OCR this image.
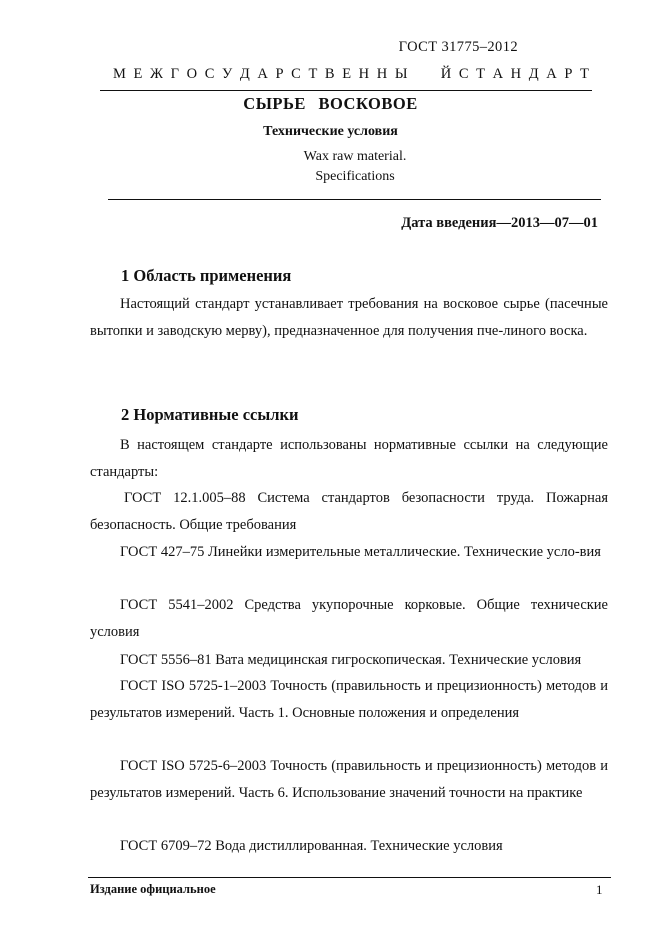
ГОСТ 31775–2012
М Е Ж Г О С У Д А Р С Т В Е Н Н Ы Й С Т А Н Д А Р Т
СЫРЬЕ ВОСКОВОЕ
Технические условия
Wax raw material.
Specifications
Дата введения—2013—07—01
1 Область применения
Настоящий стандарт устанавливает требования на восковое сырье (пасечные вытопки и заводскую мерву), предназначенное для получения пче-линого воска.
2 Нормативные ссылки
В настоящем стандарте использованы нормативные ссылки на следующие стандарты:
ГОСТ 12.1.005–88 Система стандартов безопасности труда. Пожарная безопасность. Общие требования
ГОСТ 427–75 Линейки измерительные металлические. Технические усло-вия
ГОСТ 5541–2002 Средства укупорочные корковые. Общие технические условия
ГОСТ 5556–81 Вата медицинская гигроскопическая. Технические условия
ГОСТ ISO 5725-1–2003 Точность (правильность и прецизионность) методов и результатов измерений. Часть 1. Основные положения и определения
ГОСТ ISO 5725-6–2003 Точность (правильность и прецизионность) методов и результатов измерений. Часть 6. Использование значений точности на практике
ГОСТ 6709–72 Вода дистиллированная. Технические условия
Издание официальное	1
